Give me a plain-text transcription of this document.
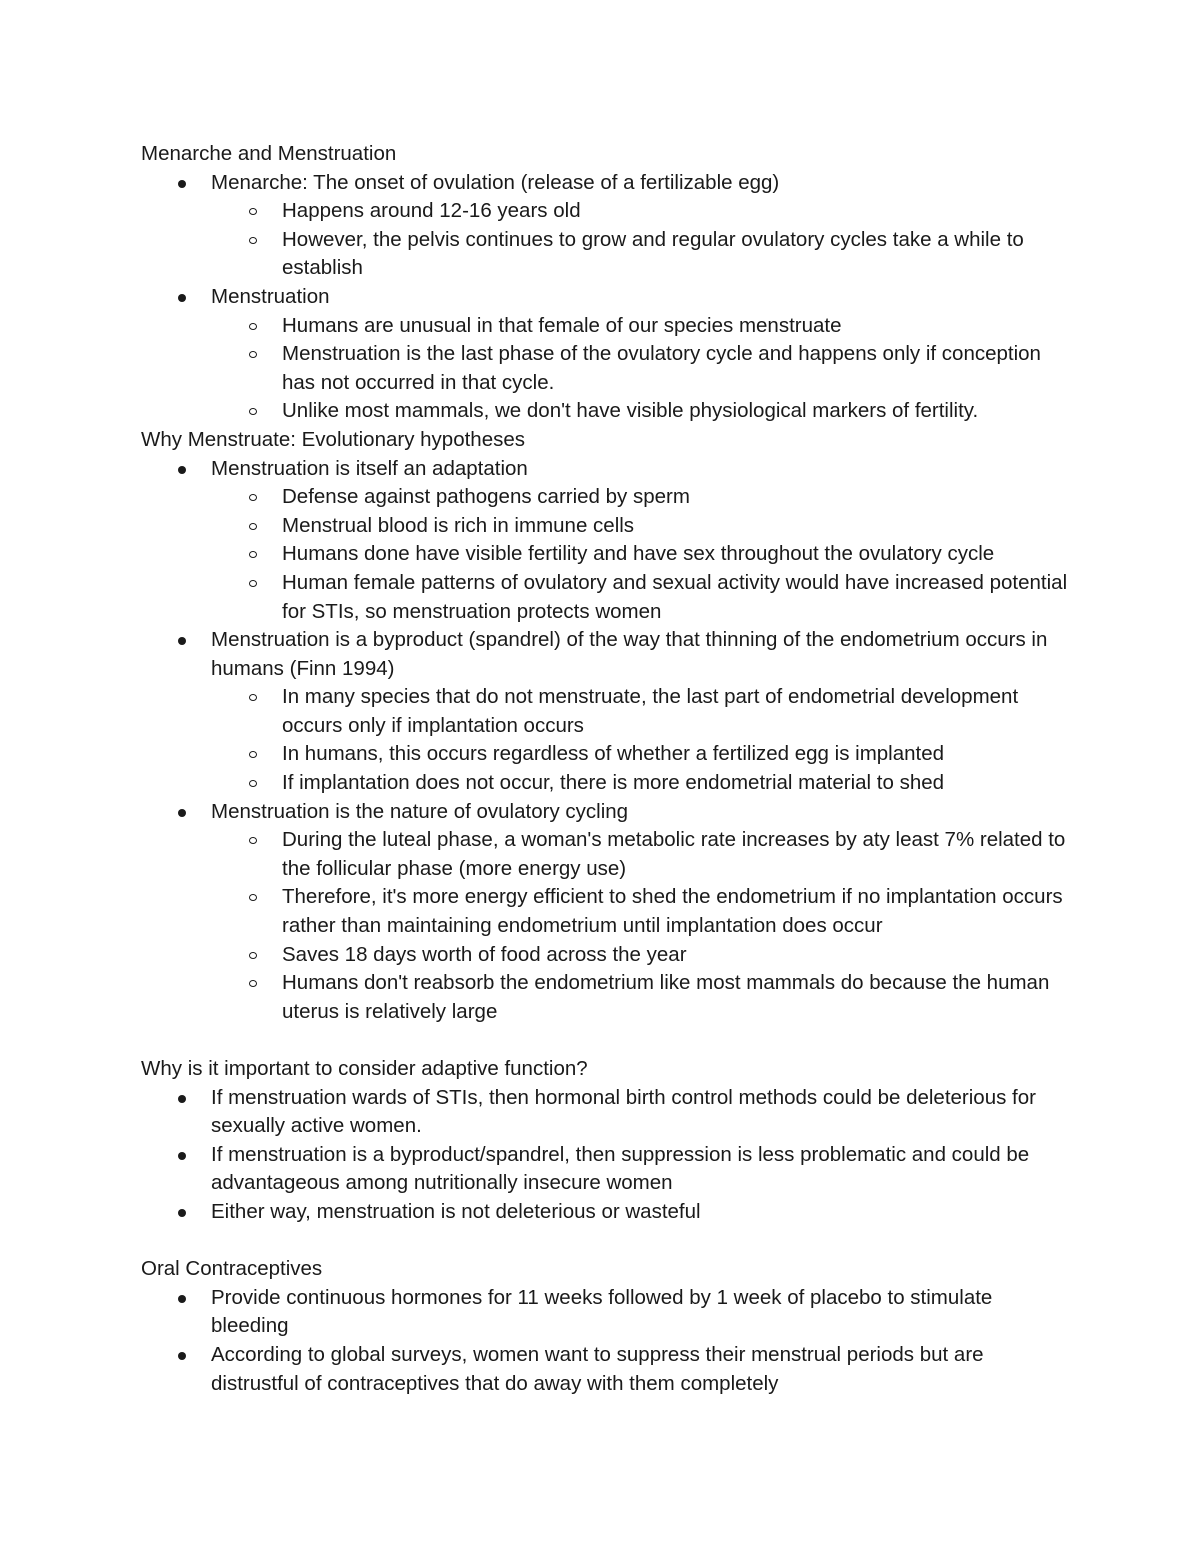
Menarche and Menstruation

Menarche: The onset of ovulation (release of a fertilizable egg)
Happens around 12-16 years old
However, the pelvis continues to grow and regular ovulatory cycles take a while to establish
Menstruation
Humans are unusual in that female of our species menstruate
Menstruation is the last phase of the ovulatory cycle and happens only if conception has not occurred in that cycle.
Unlike most mammals, we don't have visible physiological markers of fertility.

Why Menstruate: Evolutionary hypotheses

Menstruation is itself an adaptation
Defense against pathogens carried by sperm
Menstrual blood is rich in immune cells
Humans done have visible fertility and have sex throughout the ovulatory cycle
Human female patterns of ovulatory and sexual activity would have increased potential for STIs, so menstruation protects women
Menstruation is a byproduct (spandrel) of the way that thinning of the endometrium occurs in humans (Finn 1994)
In many species that do not menstruate, the last part of endometrial development occurs only if implantation occurs
In humans, this occurs regardless of whether a fertilized egg is implanted
If implantation does not occur, there is more endometrial material to shed
Menstruation is the nature of ovulatory cycling
During the luteal phase, a woman's metabolic rate increases by aty least 7% related to the follicular phase (more energy use)
Therefore, it's more energy efficient to shed the endometrium if no implantation occurs rather than maintaining endometrium until implantation does occur
Saves 18 days worth of food across the year
Humans don't reabsorb the endometrium like most mammals do because the human uterus is relatively large

Why is it important to consider adaptive function?

If menstruation wards of STIs, then hormonal birth control methods could be deleterious for sexually active women.
If menstruation is a byproduct/spandrel, then suppression is less problematic and could be advantageous among nutritionally insecure women
Either way, menstruation is not deleterious or wasteful

Oral Contraceptives

Provide continuous hormones for 11 weeks followed by 1 week of placebo to stimulate bleeding
According to global surveys, women want to suppress their menstrual periods but are distrustful of contraceptives that do away with them completely
